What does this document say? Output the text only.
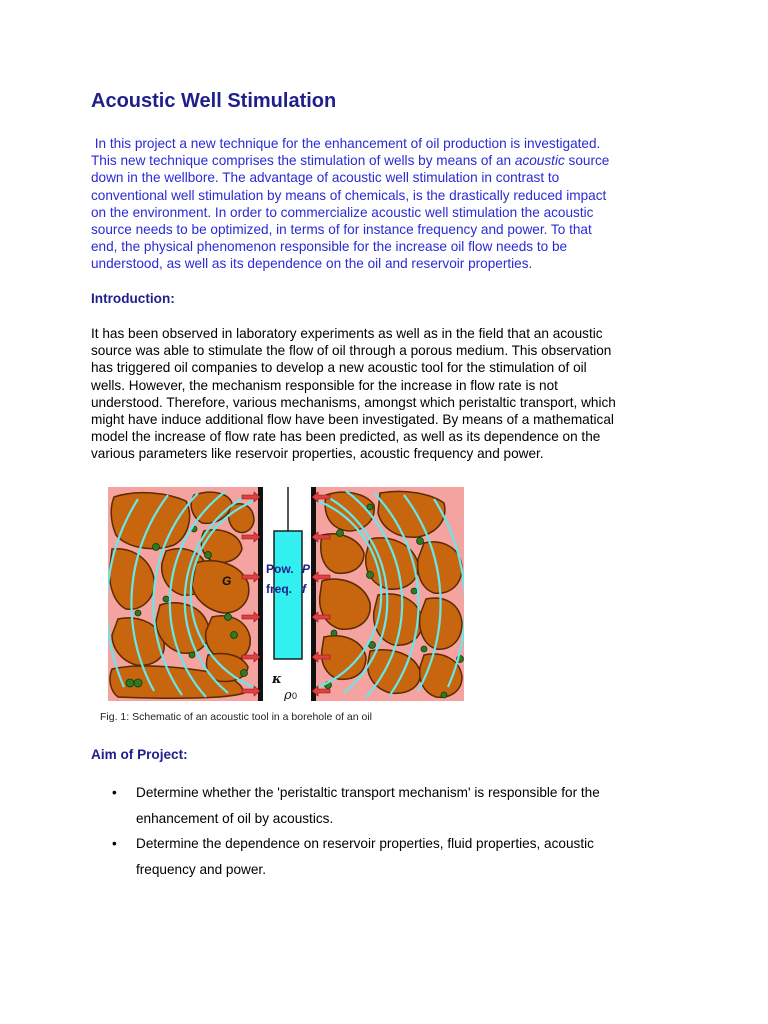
Acoustic Well Stimulation

In this project a new technique for the enhancement of oil production is investigated.

This new technique comprises the stimulation of wells by means of an acoustic source

down in the wellbore. The advantage of acoustic well stimulation in contrast to

conventional well stimulation by means of chemicals, is the drastically reduced impact

on the environment. In order to commercialize acoustic well stimulation the acoustic

source needs to be optimized, in terms of for instance frequency and power. To that

end, the physical phenomenon responsible for the increase oil flow needs to be

understood, as well as its dependence on the oil and reservoir properties.

Introduction:

It has been observed in laboratory experiments as well as in the field that an acoustic

source was able to stimulate the flow of oil through a porous medium. This observation

has triggered oil companies to develop a new acoustic tool for the stimulation of oil

wells. However, the mechanism responsible for the increase in flow rate is not

understood. Therefore, various mechanisms, amongst which peristaltic transport, which

might have induce additional flow have been investigated. By means of a mathematical

model the increase of flow rate has been predicted, as well as its dependence on the

various parameters like reservoir properties, acoustic frequency and power.

Pow. P
freq. f
G
κ
ρ 0

Fig. 1: Schematic of an acoustic tool in a borehole of an oil

Aim of Project:
• Determine whether the 'peristaltic transport mechanism' is responsible for the
enhancement of oil by acoustics.
• Determine the dependence on reservoir properties, fluid properties, acoustic
frequency and power.
